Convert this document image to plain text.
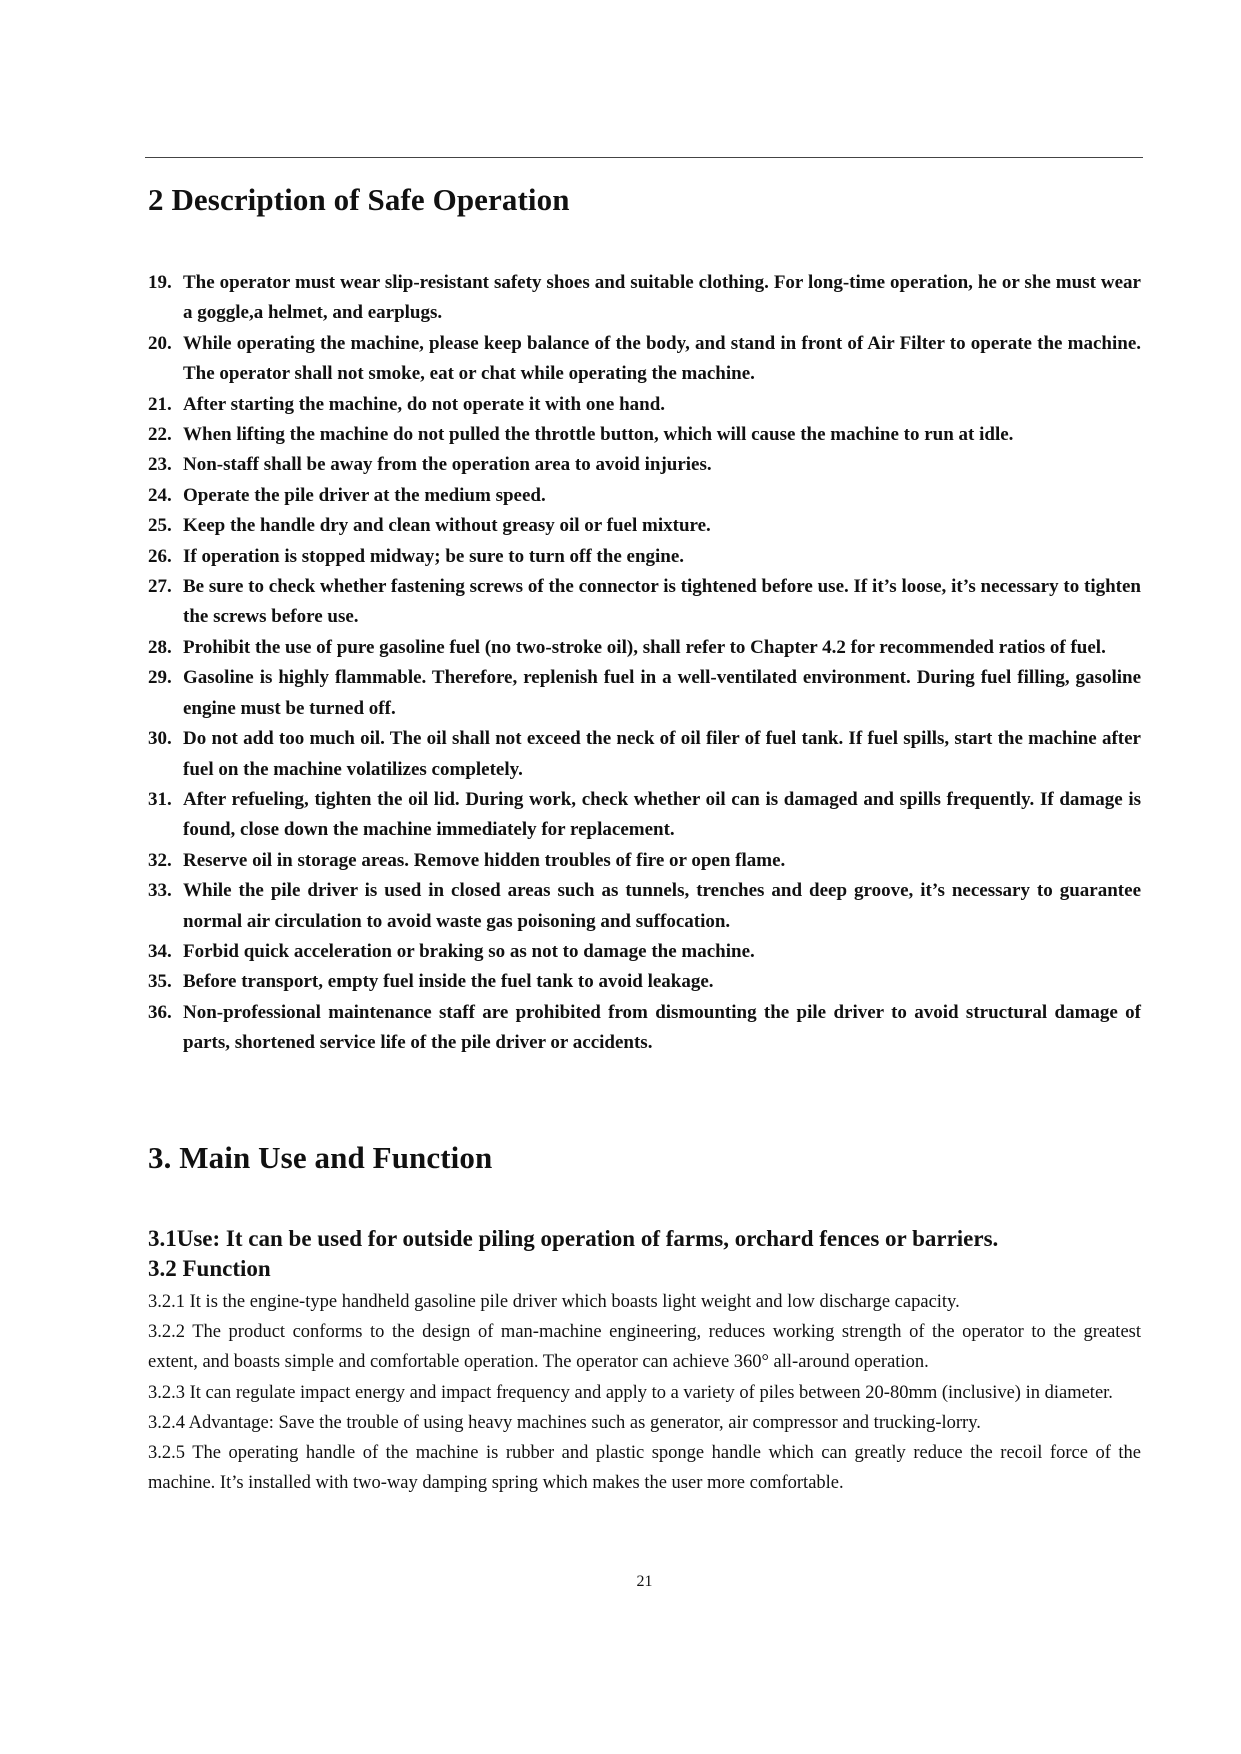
2 Description of Safe Operation
19. The operator must wear slip-resistant safety shoes and suitable clothing. For long-time operation, he or she must wear a goggle,a helmet, and earplugs.
20. While operating the machine, please keep balance of the body, and stand in front of Air Filter to operate the machine. The operator shall not smoke, eat or chat while operating the machine.
21. After starting the machine, do not operate it with one hand.
22. When lifting the machine do not pulled the throttle button, which will cause the machine to run at idle.
23. Non-staff shall be away from the operation area to avoid injuries.
24. Operate the pile driver at the medium speed.
25. Keep the handle dry and clean without greasy oil or fuel mixture.
26. If operation is stopped midway; be sure to turn off the engine.
27. Be sure to check whether fastening screws of the connector is tightened before use. If it’s loose, it’s necessary to tighten the screws before use.
28. Prohibit the use of pure gasoline fuel (no two-stroke oil), shall refer to Chapter 4.2 for recommended ratios of fuel.
29. Gasoline is highly flammable. Therefore, replenish fuel in a well-ventilated environment. During fuel filling, gasoline engine must be turned off.
30. Do not add too much oil. The oil shall not exceed the neck of oil filer of fuel tank. If fuel spills, start the machine after fuel on the machine volatilizes completely.
31. After refueling, tighten the oil lid. During work, check whether oil can is damaged and spills frequently. If damage is found, close down the machine immediately for replacement.
32. Reserve oil in storage areas. Remove hidden troubles of fire or open flame.
33. While the pile driver is used in closed areas such as tunnels, trenches and deep groove, it’s necessary to guarantee normal air circulation to avoid waste gas poisoning and suffocation.
34. Forbid quick acceleration or braking so as not to damage the machine.
35. Before transport, empty fuel inside the fuel tank to avoid leakage.
36. Non-professional maintenance staff are prohibited from dismounting the pile driver to avoid structural damage of parts, shortened service life of the pile driver or accidents.
3. Main Use and Function
3.1Use: It can be used for outside piling operation of farms, orchard fences or barriers.
3.2 Function

3.2.1 It is the engine-type handheld gasoline pile driver which boasts light weight and low discharge capacity.

3.2.2 The product conforms to the design of man-machine engineering, reduces working strength of the operator to the greatest extent, and boasts simple and comfortable operation. The operator can achieve 360° all-around operation.

3.2.3 It can regulate impact energy and impact frequency and apply to a variety of piles between 20-80mm (inclusive) in diameter.

3.2.4 Advantage: Save the trouble of using heavy machines such as generator, air compressor and trucking-lorry.

3.2.5 The operating handle of the machine is rubber and plastic sponge handle which can greatly reduce the recoil force of the machine. It’s installed with two-way damping spring which makes the user more comfortable.

21
